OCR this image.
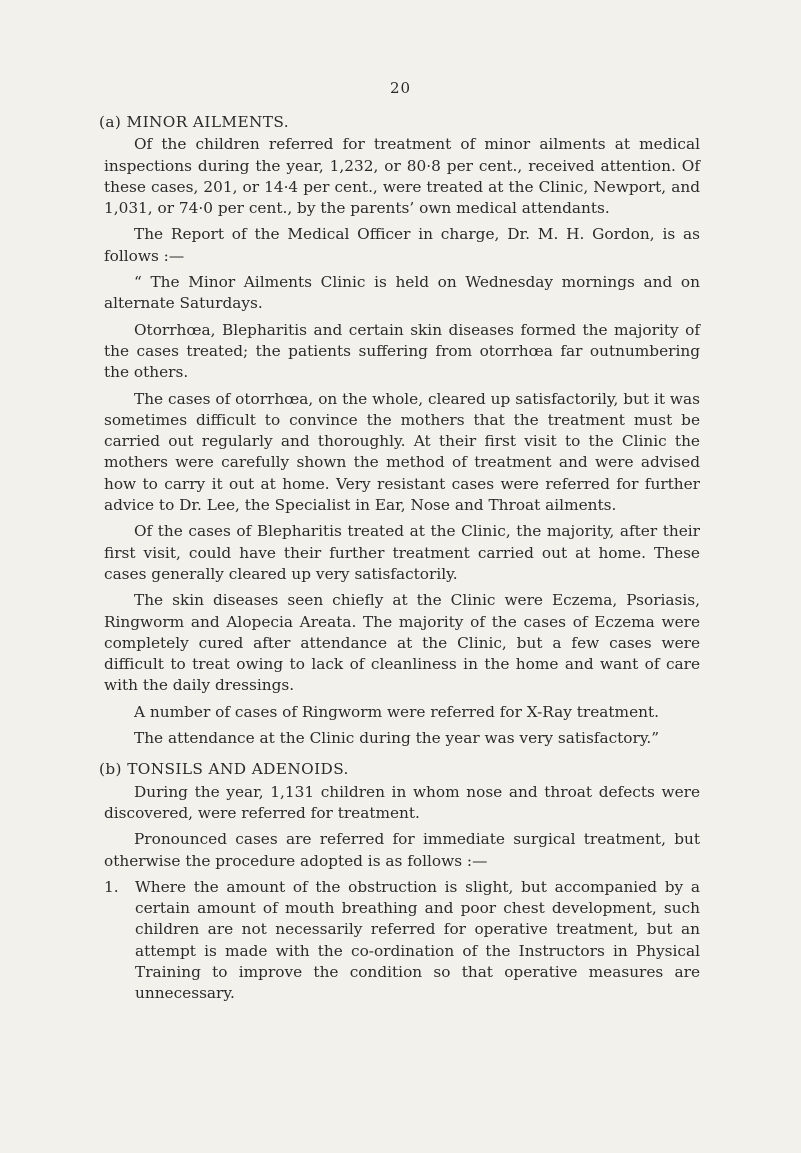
20
(a) MINOR AILMENTS.

Of the children referred for treatment of minor ailments at medical inspections during the year, 1,232, or 80·8 per cent., received attention. Of these cases, 201, or 14·4 per cent., were treated at the Clinic, Newport, and 1,031, or 74·0 per cent., by the parents’ own medical attendants.

The Report of the Medical Officer in charge, Dr. M. H. Gordon, is as follows :—

“ The Minor Ailments Clinic is held on Wednesday mornings and on alternate Saturdays.

Otorrhœa, Blepharitis and certain skin diseases formed the majority of the cases treated; the patients suffering from otorrhœa far outnumbering the others.

The cases of otorrhœa, on the whole, cleared up satisfactorily, but it was sometimes difficult to convince the mothers that the treatment must be carried out regularly and thoroughly. At their first visit to the Clinic the mothers were carefully shown the method of treatment and were advised how to carry it out at home. Very resistant cases were referred for further advice to Dr. Lee, the Specialist in Ear, Nose and Throat ailments.

Of the cases of Blepharitis treated at the Clinic, the majority, after their first visit, could have their further treatment carried out at home. These cases generally cleared up very satisfactorily.

The skin diseases seen chiefly at the Clinic were Eczema, Psoriasis, Ringworm and Alopecia Areata. The majority of the cases of Eczema were completely cured after attendance at the Clinic, but a few cases were difficult to treat owing to lack of cleanliness in the home and want of care with the daily dressings.

A number of cases of Ringworm were referred for X-Ray treatment.

The attendance at the Clinic during the year was very satisfactory.”

(b) TONSILS AND ADENOIDS.

During the year, 1,131 children in whom nose and throat defects were discovered, were referred for treatment.

Pronounced cases are referred for immediate surgical treatment, but otherwise the procedure adopted is as follows :—

1. Where the amount of the obstruction is slight, but accompanied by a certain amount of mouth breathing and poor chest development, such children are not necessarily referred for operative treatment, but an attempt is made with the co-ordination of the Instructors in Physical Training to improve the condition so that operative measures are unnecessary.
